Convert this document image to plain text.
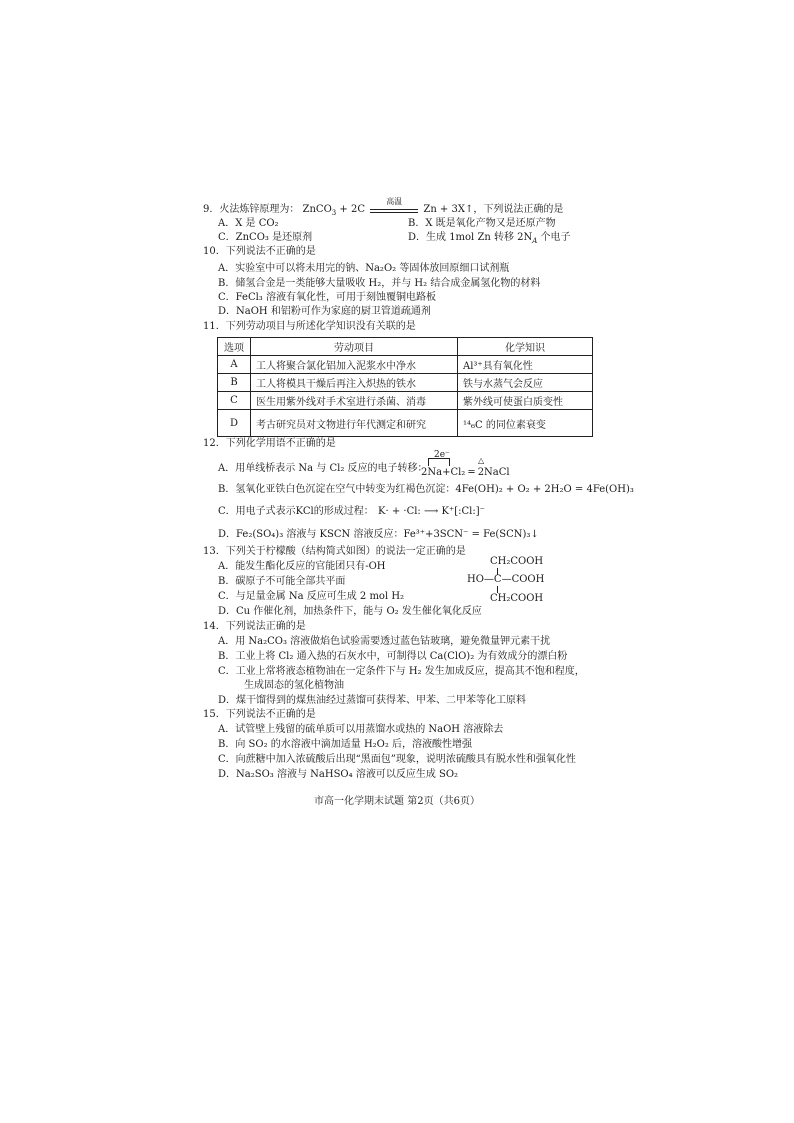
9．火法炼锌原理为： ZnCO$_3$ + 2C
高温
Zn + 3X↑，下列说法正确的是
A．X 是 CO₂	B．X 既是氧化产物又是还原产物
C．ZnCO₃ 是还原剂	D．生成 1mol Zn 转移 $2N_A$ 个电子
10．下列说法不正确的是
A．实验室中可以将未用完的钠、Na₂O₂ 等固体放回原细口试剂瓶
B．储氢合金是一类能够大量吸收 H₂，并与 H₂ 结合成金属氢化物的材料
C．FeCl₃ 溶液有氧化性，可用于刻蚀覆铜电路板
D．NaOH 和铝粉可作为家庭的厨卫管道疏通剂
11．下列劳动项目与所述化学知识没有关联的是
选项	劳动项目	化学知识
A	工人将聚合氯化铝加入泥浆水中净水	Al³⁺具有氧化性
B	工人将模具干燥后再注入炽热的铁水	铁与水蒸气会反应
C	医生用紫外线对手术室进行杀菌、消毒	紫外线可使蛋白质变性
D	考古研究员对文物进行年代测定和研究	¹⁴₆C 的同位素衰变
12．下列化学用语不正确的是
A．用单线桥表示 Na 与 Cl₂ 反应的电子转移：
2e⁻
△
2Na+Cl₂ ═ 2NaCl
B．氢氧化亚铁白色沉淀在空气中转变为红褐色沉淀：4Fe(OH)₂ + O₂ + 2H₂O = 4Fe(OH)₃
C．用电子式表示KCl的形成过程： K· + ·Cl: ⟶ K⁺[:Cl:]⁻
D．Fe₂(SO₄)₃ 溶液与 KSCN 溶液反应：Fe³⁺+3SCN⁻ = Fe(SCN)₃↓
13．下列关于柠檬酸（结构简式如图）的说法一定正确的是
A．能发生酯化反应的官能团只有-OH
B．碳原子不可能全部共平面
C．与足量金属 Na 反应可生成 2 mol H₂
D．Cu 作催化剂，加热条件下，能与 O₂ 发生催化氧化反应
CH₂COOH
HO—C—COOH
CH₂COOH
14．下列说法正确的是
A．用 Na₂CO₃ 溶液做焰色试验需要透过蓝色钴玻璃，避免微量钾元素干扰
B．工业上将 Cl₂ 通入热的石灰水中，可制得以 Ca(ClO)₂ 为有效成分的漂白粉
C．工业上常将液态植物油在一定条件下与 H₂ 发生加成反应，提高其不饱和程度，
生成固态的氢化植物油
D．煤干馏得到的煤焦油经过蒸馏可获得苯、甲苯、二甲苯等化工原料
15．下列说法不正确的是
A．试管壁上残留的硫单质可以用蒸馏水或热的 NaOH 溶液除去
B．向 SO₂ 的水溶液中滴加适量 H₂O₂ 后，溶液酸性增强
C．向蔗糖中加入浓硫酸后出现“黑面包”现象，说明浓硫酸具有脱水性和强氧化性
D．Na₂SO₃ 溶液与 NaHSO₄ 溶液可以反应生成 SO₂
市高一化学期末试题 第2页（共6页）
